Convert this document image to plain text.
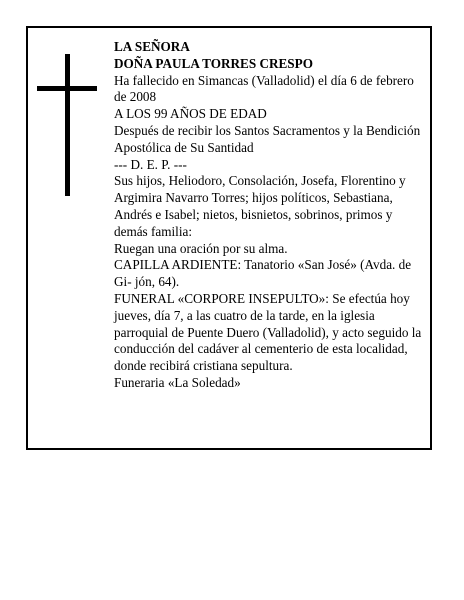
LA SEÑORA

DOÑA PAULA TORRES CRESPO

Ha fallecido en Simancas (Valladolid) el día 6 de febrero de 2008

A LOS 99 AÑOS DE EDAD

Después de recibir los Santos Sacramentos y la Bendición Apostólica de Su Santidad

--- D. E. P. ---

Sus hijos, Heliodoro, Consolación, Josefa, Florentino y Argimira Navarro Torres; hijos políticos, Sebastiana, Andrés e Isabel; nietos, bisnietos, sobrinos, primos y demás familia:

Ruegan una oración por su alma.

CAPILLA ARDIENTE: Tanatorio «San José» (Avda. de Gi- jón, 64).

FUNERAL «CORPORE INSEPULTO»: Se efectúa hoy jueves, día 7, a las cuatro de la tarde, en la iglesia parroquial de Puente Duero (Valladolid), y acto seguido la conducción del cadáver al cementerio de esta localidad, donde recibirá cristiana sepultura.

Funeraria «La Soledad»
